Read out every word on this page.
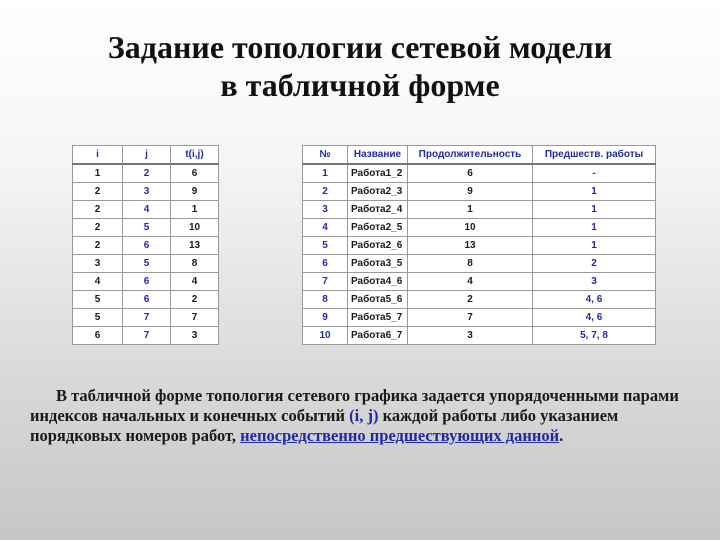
Задание топологии сетевой модели
в табличной форме
i	j	t(i,j)
1	2	6
2	3	9
2	4	1
2	5	10
2	6	13
3	5	8
4	6	4
5	6	2
5	7	7
6	7	3
№	Название	Продолжительность	Предшеств. работы
1	Работа1_2	6	-
2	Работа2_3	9	1
3	Работа2_4	1	1
4	Работа2_5	10	1
5	Работа2_6	13	1
6	Работа3_5	8	2
7	Работа4_6	4	3
8	Работа5_6	2	4, 6
9	Работа5_7	7	4, 6
10	Работа6_7	3	5, 7, 8
В табличной форме топология сетевого графика задается упорядоченными парами индексов начальных и конечных событий (i, j) каждой работы либо указанием порядковых номеров работ, непосредственно предшествующих данной.
